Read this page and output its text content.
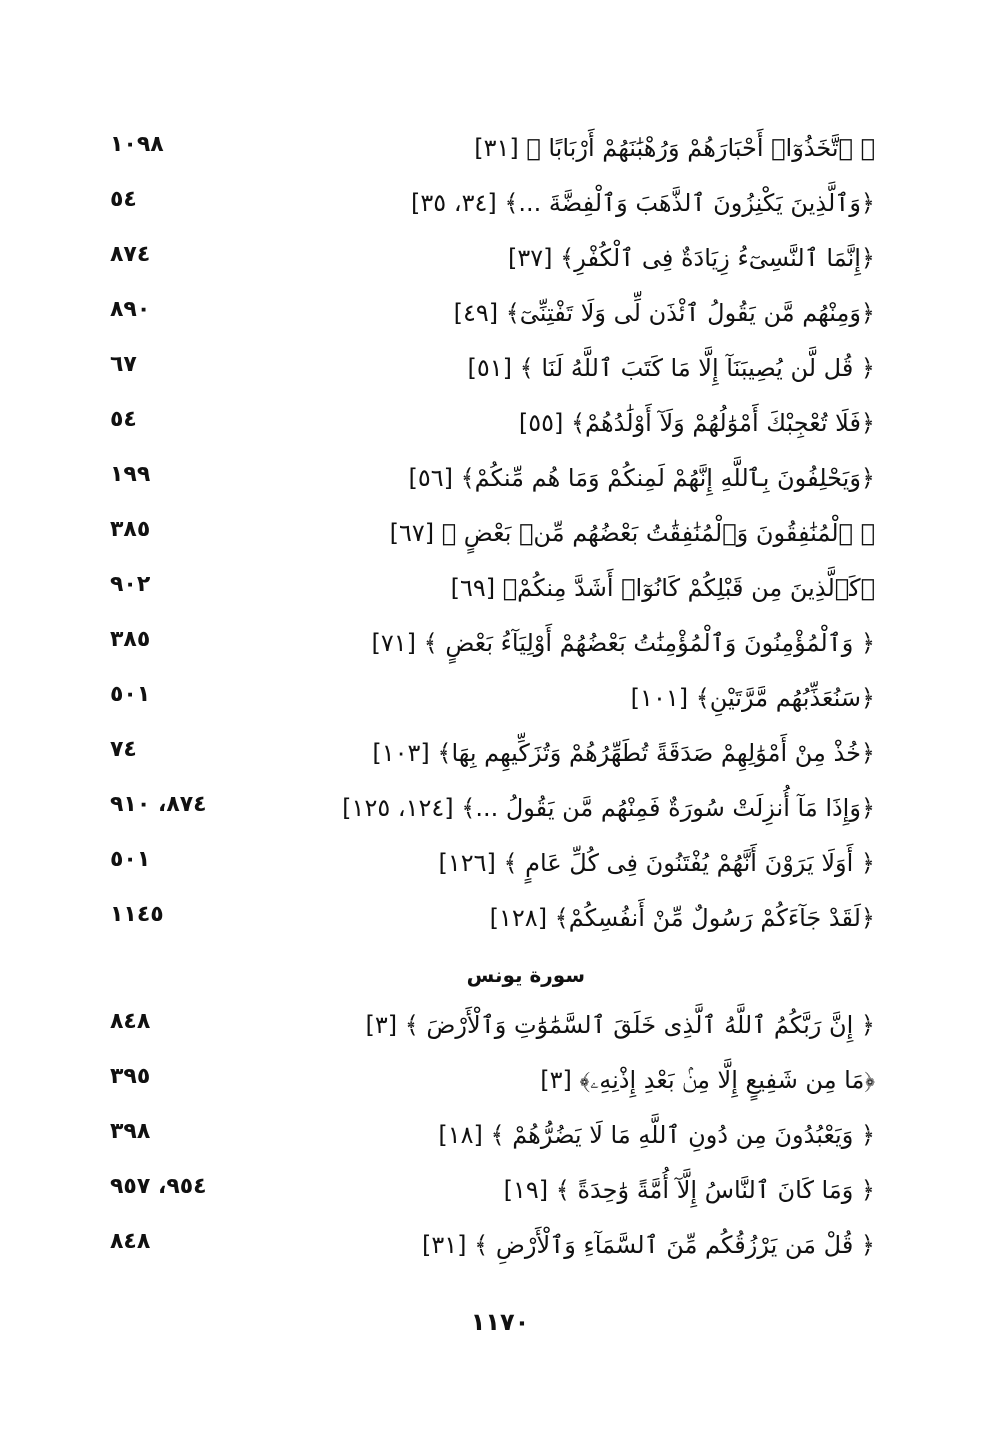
﴿ ٱتَّخَذُوٓا۟ أَحْبَارَهُمْ وَرُهْبَٰنَهُمْ أَرْبَابًا ﴾ [٣١]
١٠٩٨
﴿وَٱلَّذِينَ يَكْنِزُونَ ٱلذَّهَبَ وَٱلْفِضَّةَ ...﴾ [٣٤، ٣٥]
٥٤
﴿إِنَّمَا ٱلنَّسِىٓءُ زِيَادَةٌ فِى ٱلْكُفْرِ﴾ [٣٧]
٨٧٤
﴿وَمِنْهُم مَّن يَقُولُ ٱئْذَن لِّى وَلَا تَفْتِنِّىٓ﴾ [٤٩]
٨٩٠
﴿ قُل لَّن يُصِيبَنَآ إِلَّا مَا كَتَبَ ٱللَّهُ لَنَا ﴾ [٥١]
٦٧
﴿فَلَا تُعْجِبْكَ أَمْوَٰلُهُمْ وَلَآ أَوْلَٰدُهُمْ﴾ [٥٥]
٥٤
﴿وَيَحْلِفُونَ بِٱللَّهِ إِنَّهُمْ لَمِنكُمْ وَمَا هُم مِّنكُمْ﴾ [٥٦]
١٩٩
﴿ ٱلْمُنَٰفِقُونَ وَٱلْمُنَٰفِقَٰتُ بَعْضُهُم مِّنۢ بَعْضٍ ﴾ [٦٧]
٣٨٥
﴿كَٱلَّذِينَ مِن قَبْلِكُمْ كَانُوٓا۟ أَشَدَّ مِنكُمْ﴾ [٦٩]
٩٠٢
﴿ وَٱلْمُؤْمِنُونَ وَٱلْمُؤْمِنَٰتُ بَعْضُهُمْ أَوْلِيَآءُ بَعْضٍ ﴾ [٧١]
٣٨٥
﴿سَنُعَذِّبُهُم مَّرَّتَيْنِ﴾ [١٠١]
٥٠١
﴿خُذْ مِنْ أَمْوَٰلِهِمْ صَدَقَةً تُطَهِّرُهُمْ وَتُزَكِّيهِم بِهَا﴾ [١٠٣]
٧٤
﴿وَإِذَا مَآ أُنزِلَتْ سُورَةٌ فَمِنْهُم مَّن يَقُولُ ...﴾ [١٢٤، ١٢٥]
٨٧٤، ٩١٠
﴿ أَوَلَا يَرَوْنَ أَنَّهُمْ يُفْتَنُونَ فِى كُلِّ عَامٍ ﴾ [١٢٦]
٥٠١
﴿لَقَدْ جَآءَكُمْ رَسُولٌ مِّنْ أَنفُسِكُمْ﴾ [١٢٨]
١١٤٥
سورة يونس
﴿ إِنَّ رَبَّكُمُ ٱللَّهُ ٱلَّذِى خَلَقَ ٱلسَّمَٰوَٰتِ وَٱلْأَرْضَ ﴾ [٣]
٨٤٨
﴿مَا مِن شَفِيعٍ إِلَّا مِنۢ بَعْدِ إِذْنِهِۦ﴾ [٣]
٣٩٥
﴿ وَيَعْبُدُونَ مِن دُونِ ٱللَّهِ مَا لَا يَضُرُّهُمْ ﴾ [١٨]
٣٩٨
﴿ وَمَا كَانَ ٱلنَّاسُ إِلَّآ أُمَّةً وَٰحِدَةً ﴾ [١٩]
٩٥٤، ٩٥٧
﴿ قُلْ مَن يَرْزُقُكُم مِّنَ ٱلسَّمَآءِ وَٱلْأَرْضِ ﴾ [٣١]
٨٤٨
١١٧٠
